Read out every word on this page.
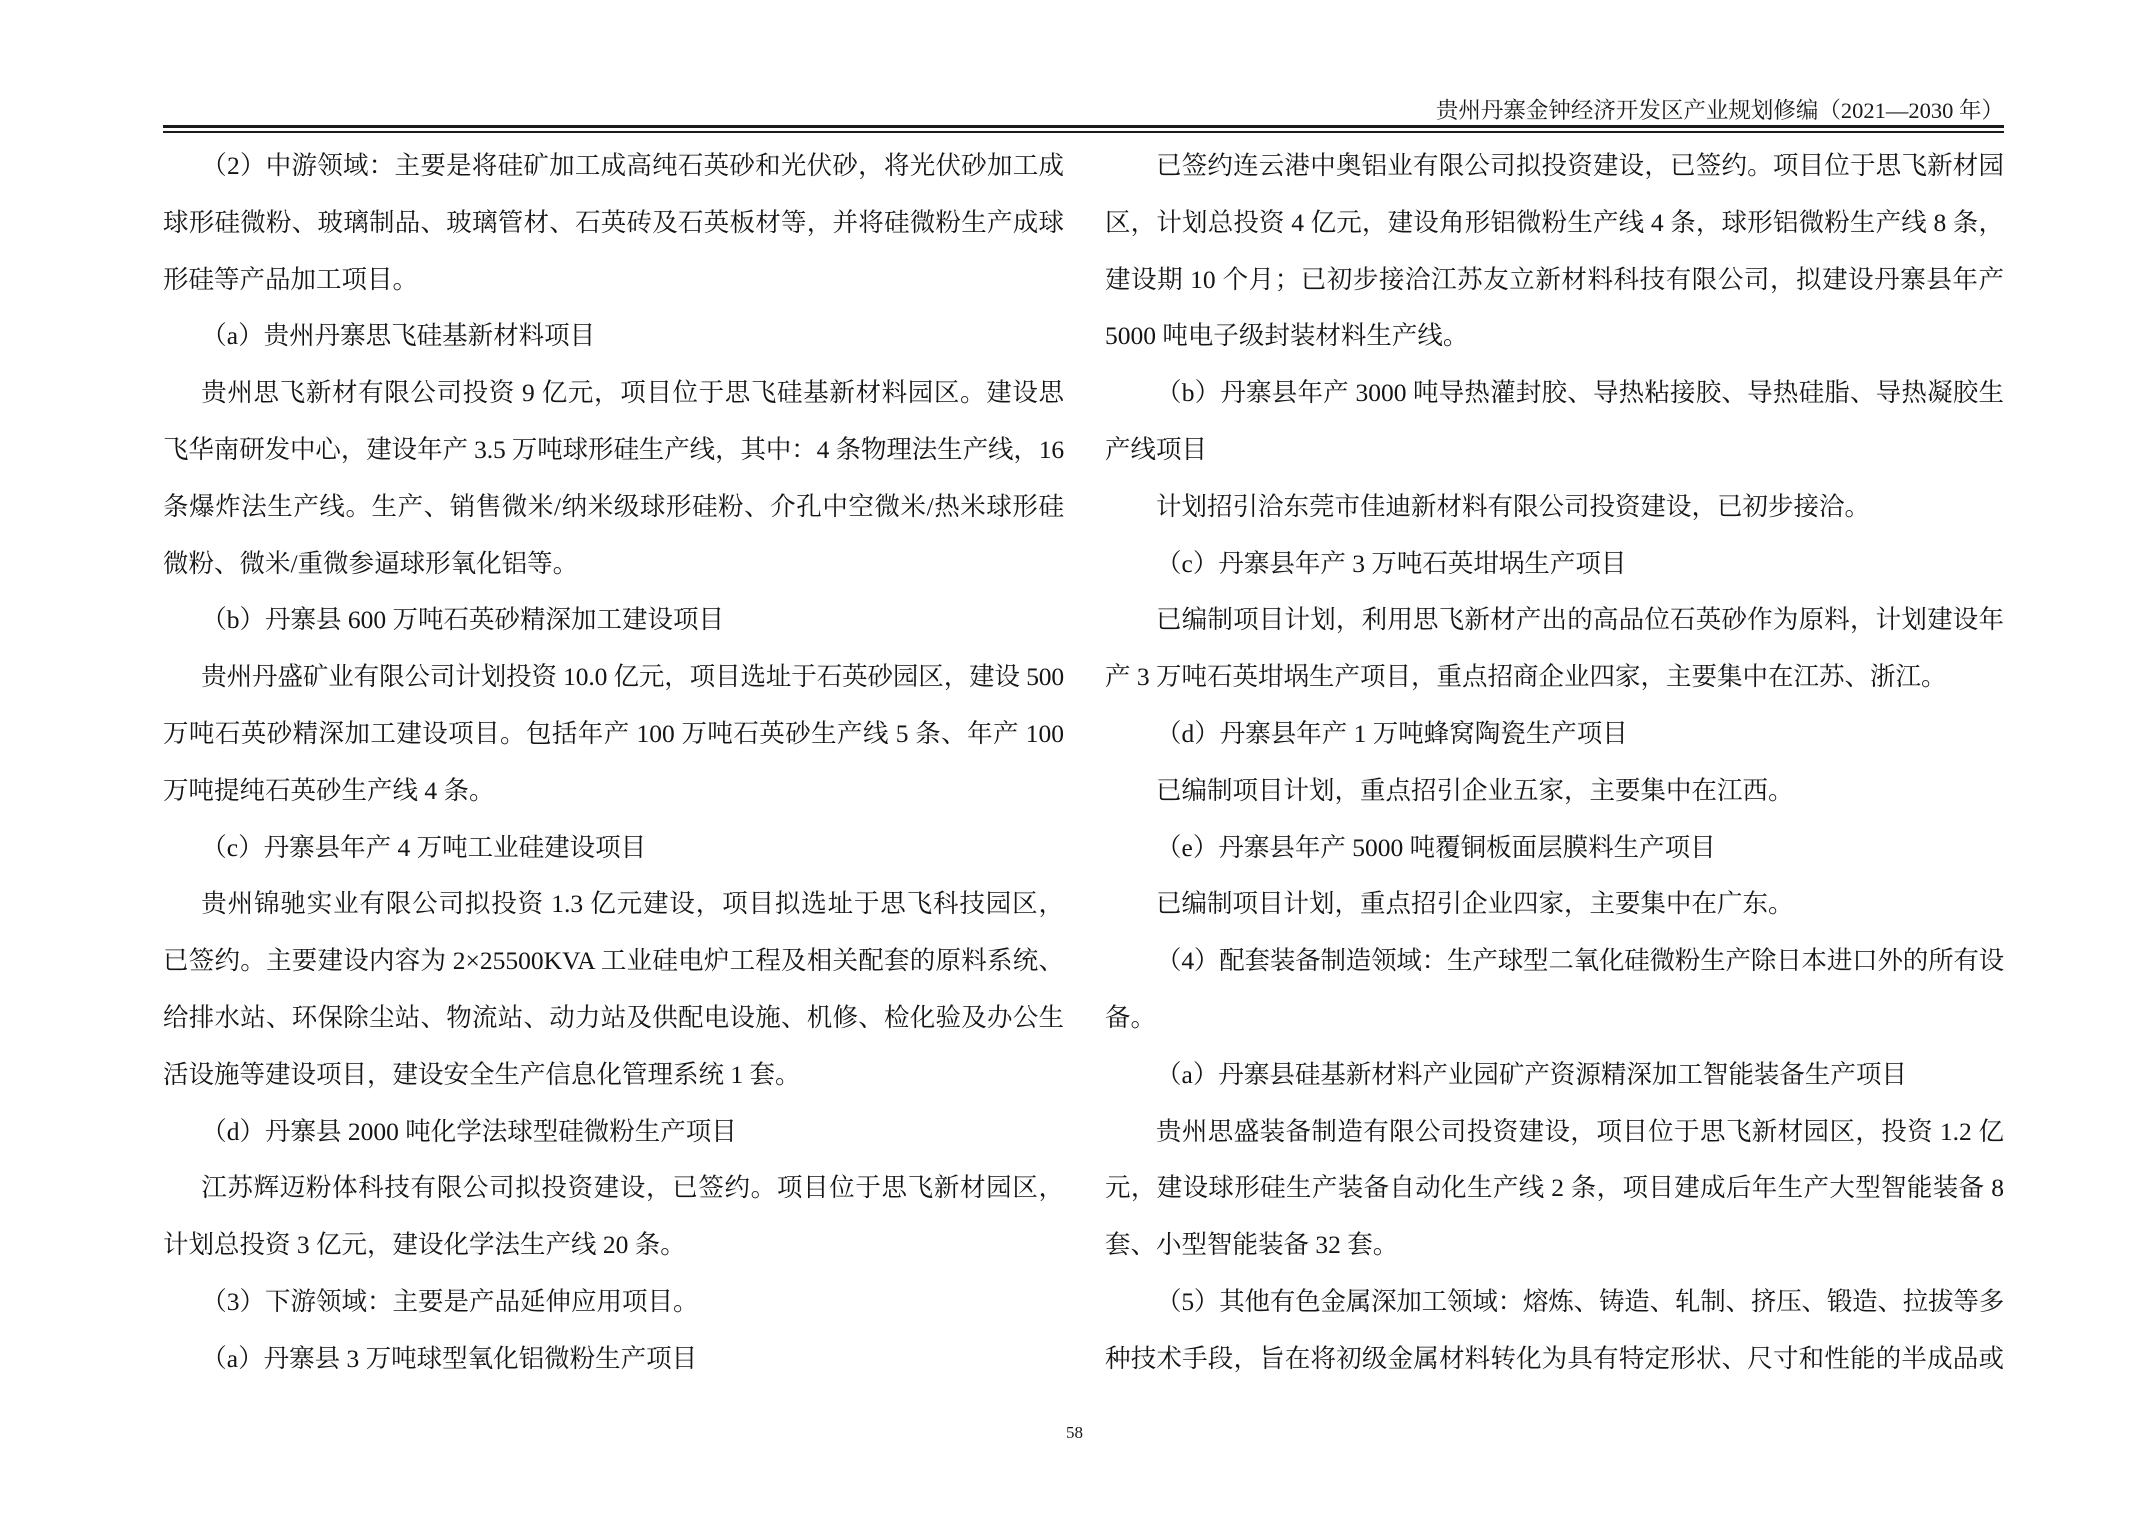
贵州丹寨金钟经济开发区产业规划修编（2021—2030 年）
（2）中游领域：主要是将硅矿加工成高纯石英砂和光伏砂，将光伏砂加工成
球形硅微粉、玻璃制品、玻璃管材、石英砖及石英板材等，并将硅微粉生产成球
形硅等产品加工项目。
（a）贵州丹寨思飞硅基新材料项目
贵州思飞新材有限公司投资 9 亿元，项目位于思飞硅基新材料园区。建设思
飞华南研发中心，建设年产 3.5 万吨球形硅生产线，其中：4 条物理法生产线，16
条爆炸法生产线。生产、销售微米/纳米级球形硅粉、介孔中空微米/热米球形硅
微粉、微米/重微参逼球形氧化铝等。
（b）丹寨县 600 万吨石英砂精深加工建设项目
贵州丹盛矿业有限公司计划投资 10.0 亿元，项目选址于石英砂园区，建设 500
万吨石英砂精深加工建设项目。包括年产 100 万吨石英砂生产线 5 条、年产 100
万吨提纯石英砂生产线 4 条。
（c）丹寨县年产 4 万吨工业硅建设项目
贵州锦驰实业有限公司拟投资 1.3 亿元建设，项目拟选址于思飞科技园区，
已签约。主要建设内容为 2×25500KVA 工业硅电炉工程及相关配套的原料系统、
给排水站、环保除尘站、物流站、动力站及供配电设施、机修、检化验及办公生
活设施等建设项目，建设安全生产信息化管理系统 1 套。
（d）丹寨县 2000 吨化学法球型硅微粉生产项目
江苏辉迈粉体科技有限公司拟投资建设，已签约。项目位于思飞新材园区，
计划总投资 3 亿元，建设化学法生产线 20 条。
（3）下游领域：主要是产品延伸应用项目。
（a）丹寨县 3 万吨球型氧化铝微粉生产项目
已签约连云港中奥铝业有限公司拟投资建设，已签约。项目位于思飞新材园
区，计划总投资 4 亿元，建设角形铝微粉生产线 4 条，球形铝微粉生产线 8 条，
建设期 10 个月；已初步接洽江苏友立新材料科技有限公司，拟建设丹寨县年产
5000 吨电子级封装材料生产线。
（b）丹寨县年产 3000 吨导热灌封胶、导热粘接胶、导热硅脂、导热凝胶生
产线项目
计划招引洽东莞市佳迪新材料有限公司投资建设，已初步接洽。
（c）丹寨县年产 3 万吨石英坩埚生产项目
已编制项目计划，利用思飞新材产出的高品位石英砂作为原料，计划建设年
产 3 万吨石英坩埚生产项目，重点招商企业四家，主要集中在江苏、浙江。
（d）丹寨县年产 1 万吨蜂窝陶瓷生产项目
已编制项目计划，重点招引企业五家，主要集中在江西。
（e）丹寨县年产 5000 吨覆铜板面层膜料生产项目
已编制项目计划，重点招引企业四家，主要集中在广东。
（4）配套装备制造领域：生产球型二氧化硅微粉生产除日本进口外的所有设
备。
（a）丹寨县硅基新材料产业园矿产资源精深加工智能装备生产项目
贵州思盛装备制造有限公司投资建设，项目位于思飞新材园区，投资 1.2 亿
元，建设球形硅生产装备自动化生产线 2 条，项目建成后年生产大型智能装备 8
套、小型智能装备 32 套。
（5）其他有色金属深加工领域：熔炼、铸造、轧制、挤压、锻造、拉拔等多
种技术手段，旨在将初级金属材料转化为具有特定形状、尺寸和性能的半成品或
58
